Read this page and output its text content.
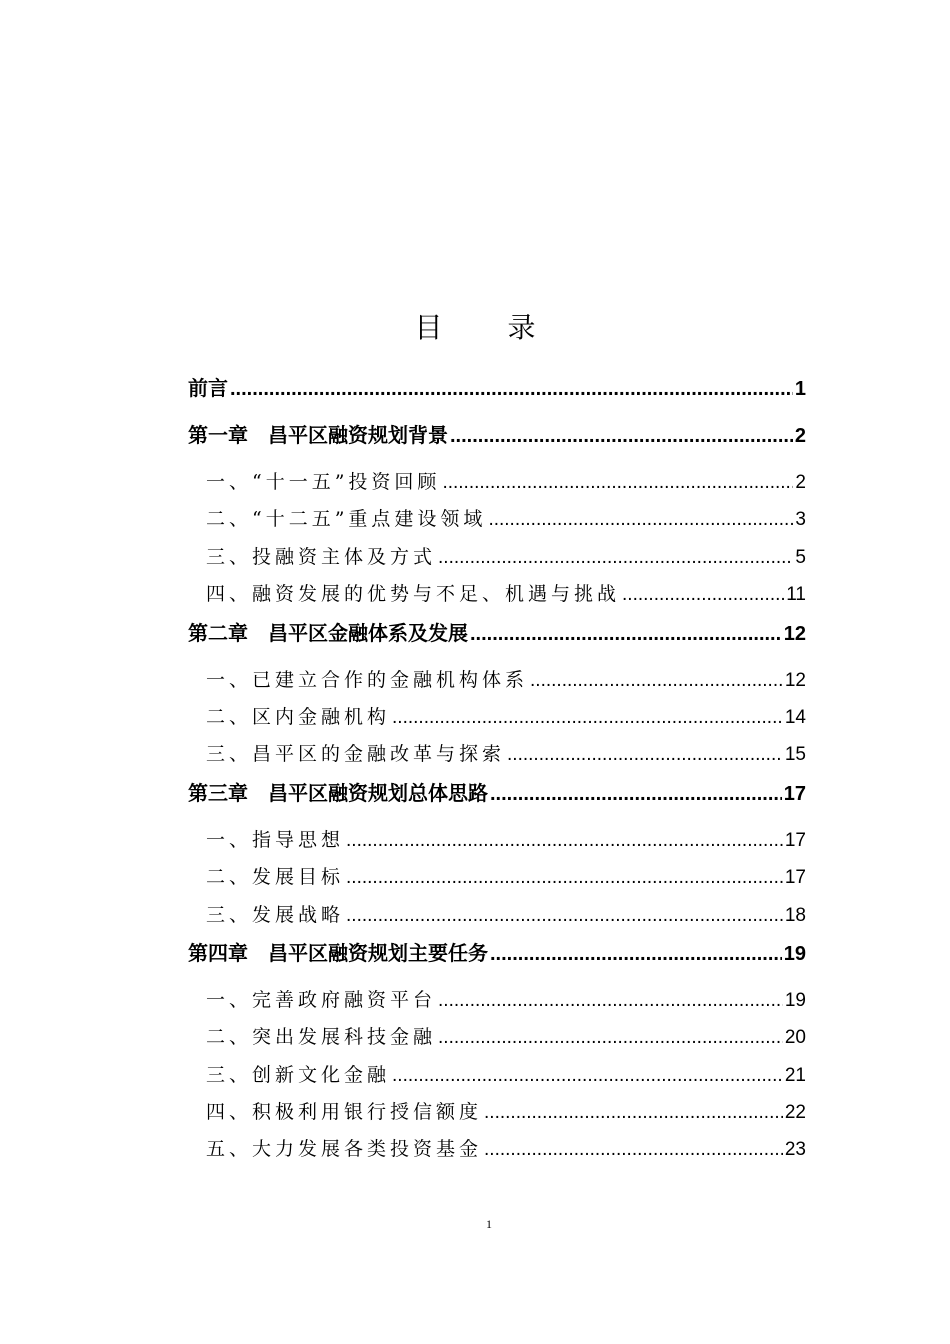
目 录
前言 .....	1
第一章　昌平区融资规划背景 .....	2
一、“十一五”投资回顾 .....	2
二、“十二五”重点建设领域 .....	3
三、投融资主体及方式 .....	5
四、融资发展的优势与不足、机遇与挑战 .....	11
第二章　昌平区金融体系及发展 .....	12
一、已建立合作的金融机构体系 .....	12
二、区内金融机构 .....	14
三、昌平区的金融改革与探索 .....	15
第三章　昌平区融资规划总体思路 .....	17
一、指导思想 .....	17
二、发展目标 .....	17
三、发展战略 .....	18
第四章　昌平区融资规划主要任务 .....	19
一、完善政府融资平台 .....	19
二、突出发展科技金融 .....	20
三、创新文化金融 .....	21
四、积极利用银行授信额度 .....	22
五、大力发展各类投资基金 .....	23
1
